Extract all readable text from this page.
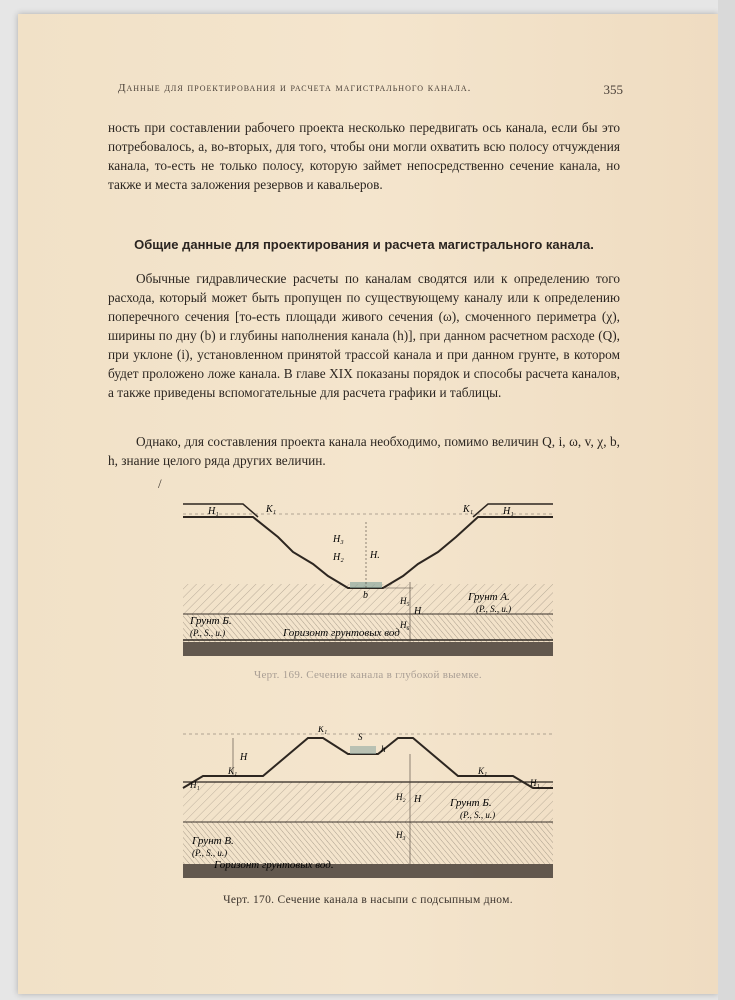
Данные для проектирования и расчета магистрального канала.	355

ность при составлении рабочего проекта несколько передвигать ось канала, если бы это потребовалось, а, во-вторых, для того, чтобы они могли охватить всю полосу отчуждения канала, то-есть не только полосу, которую займет непосредственно сечение канала, но также и места заложения резервов и кавальеров.

Общие данные для проектирования и расчета магистрального канала.

Обычные гидравлические расчеты по каналам сводятся или к определению того расхода, который может быть пропущен по существующему каналу или к определению поперечного сечения [то-есть площади живого сечения (ω), смоченного периметра (χ), ширины по дну (b) и глубины наполнения канала (h)], при данном расчетном расходе (Q), при уклоне (i), установленном принятой трассой канала и при данном грунте, в котором будет проложено ложе канала. В главе XIX показаны порядок и способы расчета каналов, а также приведены вспомогательные для расчета графики и таблицы.

Однако, для составления проекта канала необходимо, помимо величин Q, i, ω, v, χ, b, h, знание целого ряда других величин.

/
H₁	K₁	K₁	H₁
H₃
H₂	H.
b	H₅
H
H₆
Грунт А.
(P., S., u.)
Грунт Б.
(P., S., u.)	Горизонт грунтовых вод
Черт. 169. Сечение канала в глубокой выемке.
K₁
S
h
H
K₁	K₁
H₁	H₁
H₂ H
H₃
Грунт Б.
(P., S., u.)
Грунт В.
(P., S., u.)
Горизонт грунтовых вод.
Черт. 170. Сечение канала в насыпи с подсыпным дном.
